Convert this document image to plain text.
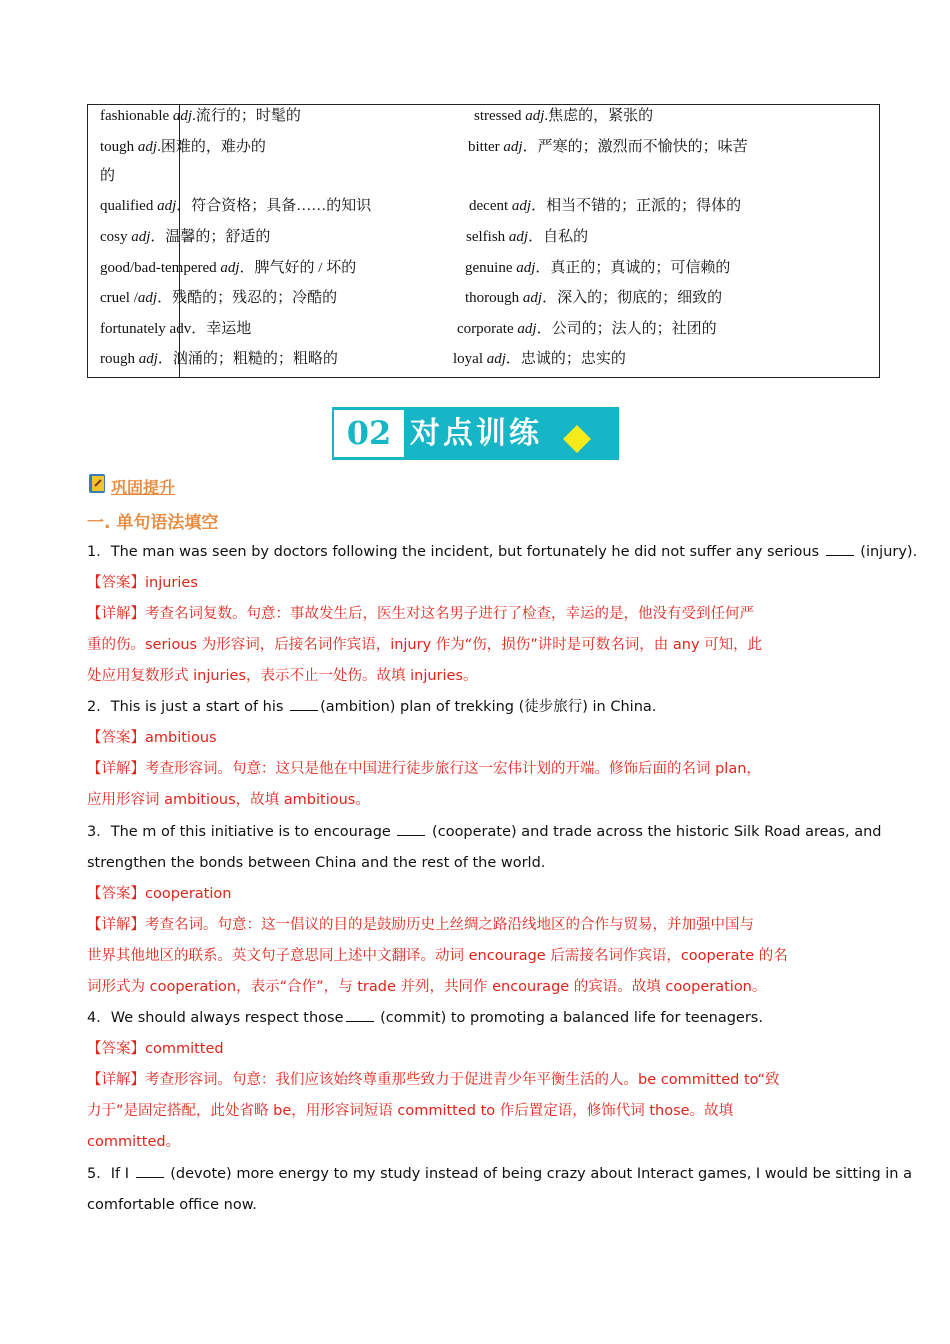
fashionable adj.流行的；时髦的	stressed adj.焦虑的，紧张的
tough adj.困难的，难办的	bitter adj．严寒的；激烈而不愉快的；味苦
的
qualified adj．符合资格；具备……的知识	decent adj．相当不错的；正派的；得体的
cosy adj．温馨的；舒适的	selfish adj．自私的
good/bad-tempered adj．脾气好的 / 坏的	genuine adj．真正的；真诚的；可信赖的
cruel /adj．残酷的；残忍的；冷酷的	thorough adj．深入的；彻底的；细致的
fortunately adv．幸运地	corporate adj．公司的；法人的；社团的
rough adj．汹涌的；粗糙的；粗略的	loyal adj．忠诚的；忠实的
02 对点训练
巩固提升
一. 单句语法填空
1．The man was seen by doctors following the incident, but fortunately he did not suffer any serious  (injury).
【答案】injuries
【详解】考查名词复数。句意：事故发生后，医生对这名男子进行了检查，幸运的是，他没有受到任何严
重的伤。serious 为形容词，后接名词作宾语，injury 作为“伤，损伤”讲时是可数名词，由 any 可知，此
处应用复数形式 injuries，表示不止一处伤。故填 injuries。
2．This is just a start of his (ambition) plan of trekking (徒步旅行) in China.
【答案】ambitious
【详解】考查形容词。句意：这只是他在中国进行徒步旅行这一宏伟计划的开端。修饰后面的名词 plan，
应用形容词 ambitious，故填 ambitious。
3．The m of this initiative is to encourage  (cooperate) and trade across the historic Silk Road areas, and
strengthen the bonds between China and the rest of the world.
【答案】cooperation
【详解】考查名词。句意：这一倡议的目的是鼓励历史上丝绸之路沿线地区的合作与贸易，并加强中国与
世界其他地区的联系。英文句子意思同上述中文翻译。动词 encourage 后需接名词作宾语，cooperate 的名
词形式为 cooperation，表示“合作”，与 trade 并列，共同作 encourage 的宾语。故填 cooperation。
4．We should always respect those (commit) to promoting a balanced life for teenagers.
【答案】committed
【详解】考查形容词。句意：我们应该始终尊重那些致力于促进青少年平衡生活的人。be committed to“致
力于”是固定搭配，此处省略 be，用形容词短语 committed to 作后置定语，修饰代词 those。故填
committed。
5．If I  (devote) more energy to my study instead of being crazy about Interact games, I would be sitting in a
comfortable office now.
